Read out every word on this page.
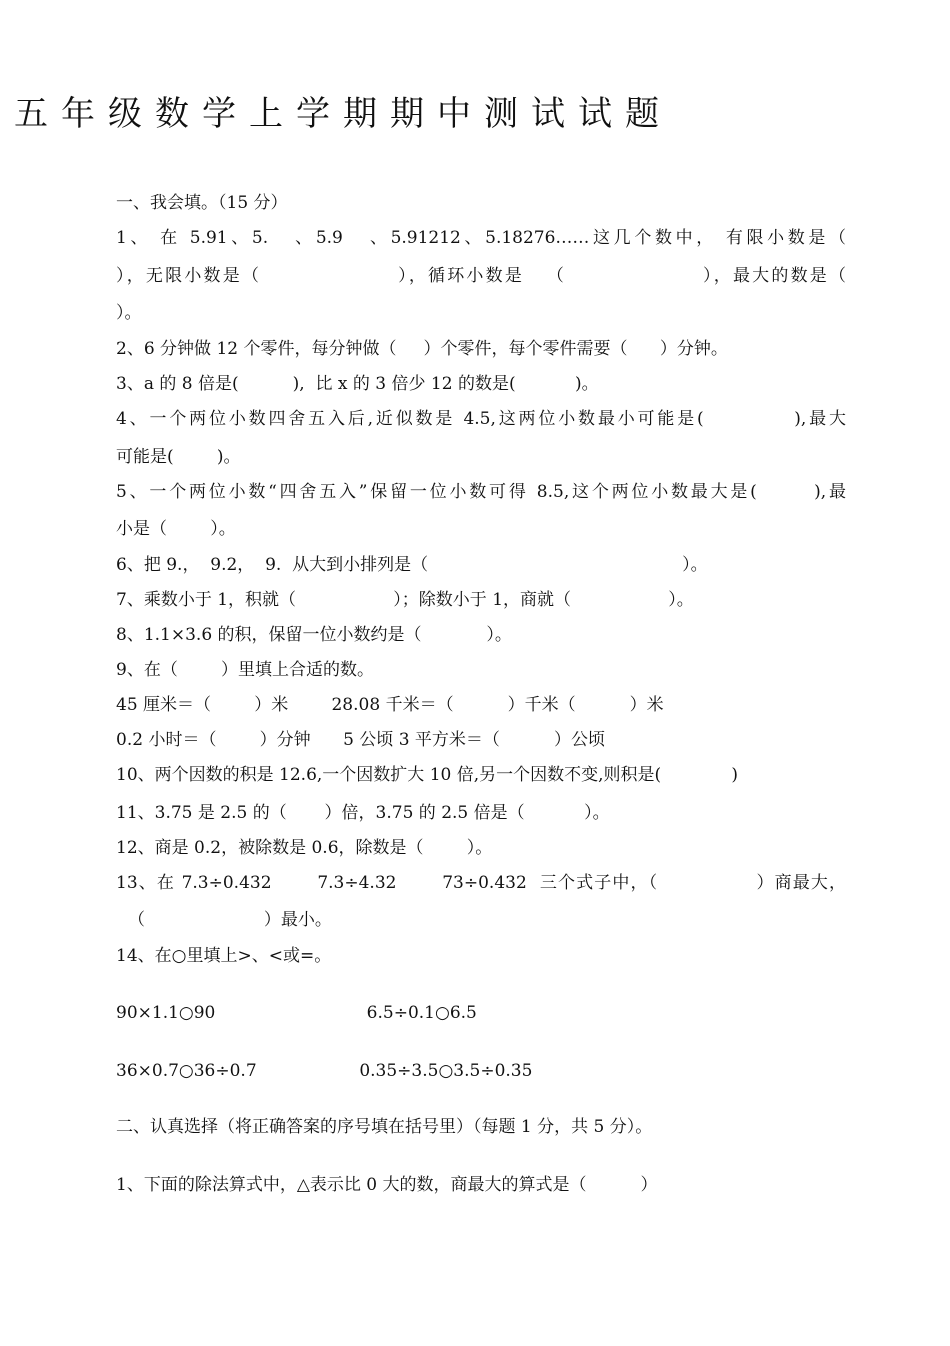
五年级数学上学期期中测试试题
一、我会填。（15 分）
1、 在 5.91、5.   、5.9   、5.91212、5.18276……这几个数中， 有限小数是（
），无限小数是（                  ），循环小数是   （                  ），最大的数是（
）。
2、6 分钟做 12 个零件，每分钟做（     ）个零件，每个零件需要（      ）分钟。
3、a 的 8 倍是(          ),  比 x 的 3 倍少 12 的数是(           )。
4、一个两位小数四舍五入后,近似数是 4.5,这两位小数最小可能是(           ),最大
可能是(        )。
5、一个两位小数“四舍五入”保留一位小数可得 8.5,这个两位小数最大是(       ),最
小是（        ）。
6、把 9.，  9.2，  9.  从大到小排列是（                                               ）。
7、乘数小于 1，积就（                  ）；除数小于 1，商就（                  ）。
8、1.1×3.6 的积，保留一位小数约是（            ）。
9、在（        ）里填上合适的数。
45 厘米＝（        ）米        28.08 千米＝（          ）千米（          ）米
0.2 小时＝（        ）分钟      5 公顷 3 平方米＝（          ）公顷
10、两个因数的积是 12.6,一个因数扩大 10 倍,另一个因数不变,则积是(             )
11、3.75 是 2.5 的（       ）倍，3.75 的 2.5 倍是（           ）。
12、商是 0.2，被除数是 0.6，除数是（        ）。
13、在 7.3÷0.432       7.3÷4.32       73÷0.432  三个式子中，（               ）商最大，
（                      ）最小。
14、在○里填上>、<或=。
90×1.1○90                            6.5÷0.1○6.5
36×0.7○36÷0.7                   0.35÷3.5○3.5÷0.35
二、认真选择（将正确答案的序号填在括号里）（每题 1 分，共 5 分）。
1、下面的除法算式中，△表示比 0 大的数，商最大的算式是（          ）
